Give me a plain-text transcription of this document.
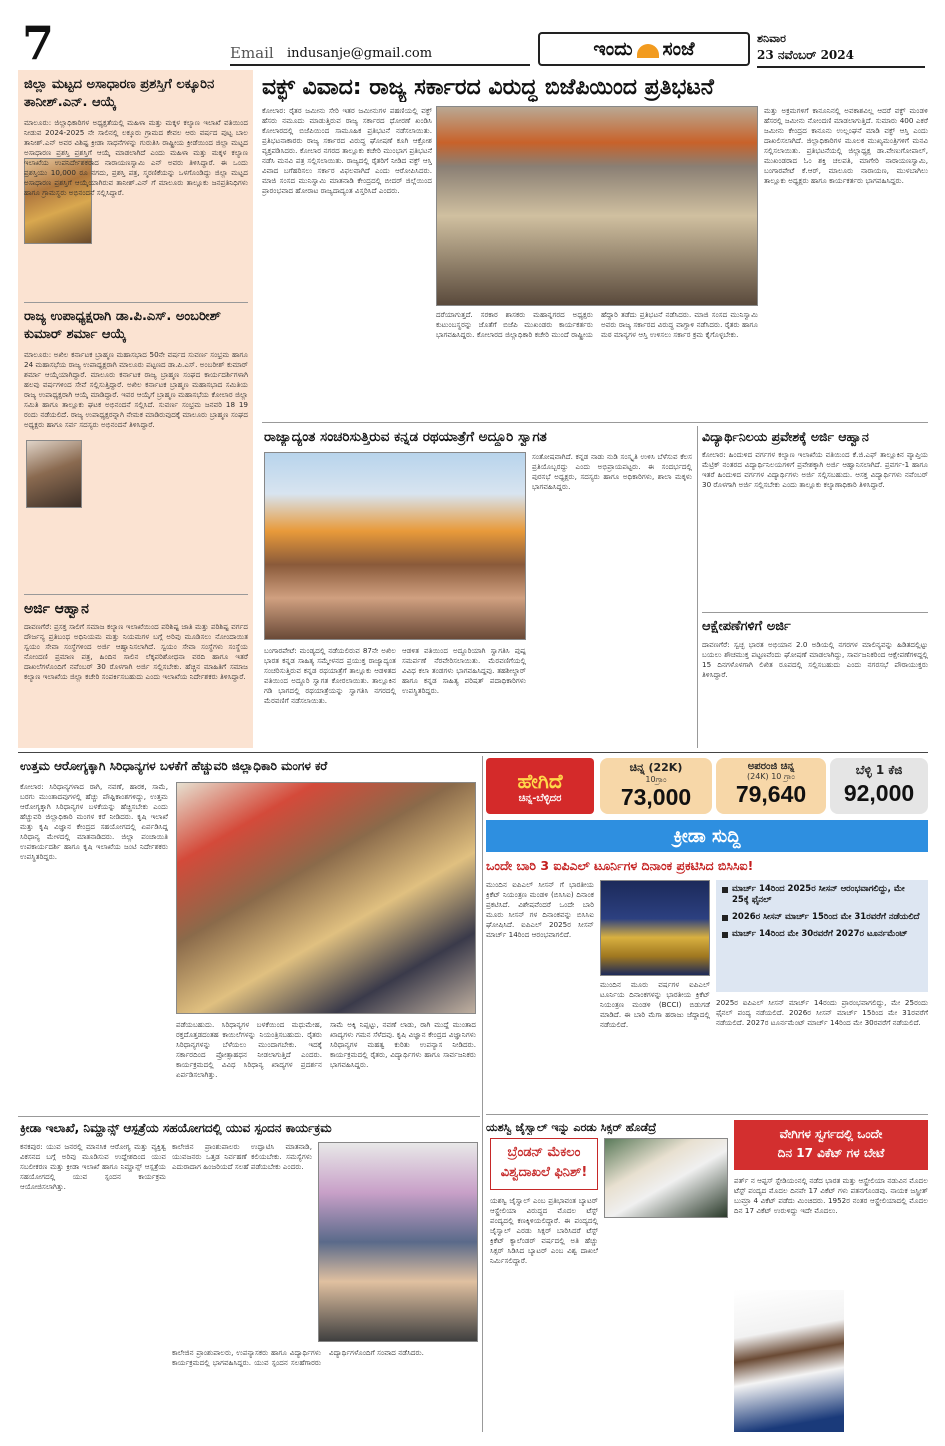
7	Email indusanje@gmail.com	ಇಂದು ಸಂಜೆ	ಶನಿವಾರ
23 ನವೆಂಬರ್ 2024
ಜಿಲ್ಲಾ ಮಟ್ಟದ ಅಸಾಧಾರಣ ಪ್ರಶಸ್ತಿಗೆ ಲಕ್ಕೂರಿನ ತಾನೀಶ್.ಎನ್. ಆಯ್ಕೆ
ಮಾಲೂರು: ಜಿಲ್ಲಾಧಿಕಾರಿಗಳ ಅಧ್ಯಕ್ಷತೆಯಲ್ಲಿ ಮಹಿಳಾ ಮತ್ತು ಮಕ್ಕಳ ಕಲ್ಯಾಣ ಇಲಾಖೆ ವತಿಯಿಂದ ನೀಡುವ 2024-2025 ನೇ ಸಾಲಿನಲ್ಲಿ ಲಕ್ಕೂರು ಗ್ರಾಮದ ಕೇವಲ ಆರು ವರ್ಷದ ಪುಟ್ಟ ಬಾಲ ತಾನೀಶ್.ಎನ್ ಅವರ ವಿಶಿಷ್ಟ ಕ್ರೀಡಾ ಸಾಧನೆಗಳನ್ನು ಗುರುತಿಸಿ ರಾಷ್ಟ್ರೀಯ ಕ್ರೀಡೆಯಿಂದ ಜಿಲ್ಲಾ ಮಟ್ಟದ ಅಸಾಧಾರಣ ಪ್ರಶಸ್ತಿ ಪ್ರಶಸ್ತಿಗೆ ಆಯ್ಕೆ ಮಾಡಲಾಗಿದೆ ಎಂದು ಮಹಿಳಾ ಮತ್ತು ಮಕ್ಕಳ ಕಲ್ಯಾಣ ಇಲಾಖೆಯ ಉಪನಿರ್ದೇಶಕರಾದ ನಾರಾಯಣಸ್ವಾಮಿ ಎನ್ ಅವರು ತಿಳಿಸಿದ್ದಾರೆ. ಈ ಒಂದು ಪ್ರಶಸ್ತಿಯು 10,000 ರೂ ನಗದು, ಪ್ರಶಸ್ತಿ ಪತ್ರ, ಸ್ಮರಣಿಕೆಯನ್ನು ಒಳಗೊಂಡಿದ್ದು ಜಿಲ್ಲಾ ಮಟ್ಟದ ಅಸಾಧಾರಣ ಪ್ರಶಸ್ತಿಗೆ ಆಯ್ಕೆಯಾಗಿರುವ ತಾನೀಶ್.ಎನ್ ಗೆ ಮಾಲೂರು ತಾಲ್ಲೂಕು ಜನಪ್ರತಿನಿಧಿಗಳು ಹಾಗೂ ಗ್ರಾಮಸ್ಥರು ಅಭಿನಂದನೆ ಸಲ್ಲಿಸಿದ್ದಾರೆ.
ರಾಜ್ಯ ಉಪಾಧ್ಯಕ್ಷರಾಗಿ ಡಾ.ಪಿ.ಎಸ್. ಅಂಬರೀಶ್ ಕುಮಾರ್ ಶರ್ಮಾ ಆಯ್ಕೆ
ಮಾಲೂರು: ಅಖಿಲ ಕರ್ನಾಟಕ ಬ್ರಾಹ್ಮಣ ಮಹಾಸಭಾದ 50ನೇ ವರ್ಷದ ಸುವರ್ಣ ಸಂಭ್ರಮ ಹಾಗೂ 24 ಮಹಾಸಭೆಯ ರಾಜ್ಯ ಉಪಾಧ್ಯಕ್ಷರಾಗಿ ಮಾಲೂರು ಪಟ್ಟಣದ ಡಾ.ಪಿ.ಎಸ್. ಅಂಬರೀಶ್ ಕುಮಾರ್ ಶರ್ಮಾ ಆಯ್ಕೆಯಾಗಿದ್ದಾರೆ. ಮಾಲೂರು ಕರ್ನಾಟಕ ರಾಜ್ಯ ಬ್ರಾಹ್ಮಣ ಸಂಘದ ಕಾರ್ಯದರ್ಶಿಗಳಾಗಿ ಹಲವು ವರ್ಷಗಳಿಂದ ಸೇವೆ ಸಲ್ಲಿಸುತ್ತಿದ್ದಾರೆ. ಅಖಿಲ ಕರ್ನಾಟಕ ಬ್ರಾಹ್ಮಣ ಮಹಾಸಭಾದ ಸಮಿತಿಯ ರಾಜ್ಯ ಉಪಾಧ್ಯಕ್ಷರಾಗಿ ಆಯ್ಕೆ ಮಾಡಿದ್ದಾರೆ. ಇವರ ಆಯ್ಕೆಗೆ ಬ್ರಾಹ್ಮಣ ಮಹಾಸಭೆಯ ಕೋಲಾರ ಜಿಲ್ಲಾ ಸಮಿತಿ ಹಾಗೂ ತಾಲ್ಲೂಕು ಘಟಕ ಅಭಿನಂದನೆ ಸಲ್ಲಿಸಿದೆ. ಸುವರ್ಣ ಸಂಭ್ರಮ ಜನವರಿ 18 19 ರಂದು ನಡೆಯಲಿದೆ. ರಾಜ್ಯ ಉಪಾಧ್ಯಕ್ಷರನ್ನಾಗಿ ನೇಮಕ ಮಾಡಿರುವುದಕ್ಕೆ ಮಾಲೂರು ಬ್ರಾಹ್ಮಣ ಸಂಘದ ಅಧ್ಯಕ್ಷರು ಹಾಗೂ ಸರ್ವ ಸದಸ್ಯರು ಅಭಿನಂದನೆ ತಿಳಿಸಿದ್ದಾರೆ.
ಅರ್ಜಿ ಆಹ್ವಾನ
ದಾವಣಗೆರೆ: ಪ್ರಸಕ್ತ ಸಾಲಿಗೆ ಸಮಾಜ ಕಲ್ಯಾಣ ಇಲಾಖೆಯಿಂದ ಪರಿಶಿಷ್ಟ ಜಾತಿ ಮತ್ತು ಪರಿಶಿಷ್ಟ ವರ್ಗದ ದೌರ್ಜನ್ಯ ಪ್ರತಿಬಂಧ ಅಧಿನಿಯಮ ಮತ್ತು ನಿಯಮಗಳ ಬಗ್ಗೆ ಅರಿವು ಮೂಡಿಸಲು ನೋಂದಾಯಿತ ಸ್ವಯಂ ಸೇವಾ ಸಂಸ್ಥೆಗಳಿಂದ ಅರ್ಜಿ ಆಹ್ವಾನಿಸಲಾಗಿದೆ. ಸ್ವಯಂ ಸೇವಾ ಸಂಸ್ಥೆಗಳು ಸಂಸ್ಥೆಯ ನೋಂದಣಿ ಪ್ರಮಾಣ ಪತ್ರ, ಹಿಂದಿನ ಸಾಲಿನ ಲೆಕ್ಕಪರಿಶೋಧನಾ ವರದಿ ಹಾಗೂ ಇತರೆ ದಾಖಲೆಗಳೊಂದಿಗೆ ನವೆಂಬರ್ 30 ರೊಳಗಾಗಿ ಅರ್ಜಿ ಸಲ್ಲಿಸಬೇಕು. ಹೆಚ್ಚಿನ ಮಾಹಿತಿಗೆ ಸಮಾಜ ಕಲ್ಯಾಣ ಇಲಾಖೆಯ ಜಿಲ್ಲಾ ಕಚೇರಿ ಸಂಪರ್ಕಿಸಬಹುದು ಎಂದು ಇಲಾಖೆಯ ನಿರ್ದೇಶಕರು ತಿಳಿಸಿದ್ದಾರೆ.
ವಕ್ಫ್ ವಿವಾದ: ರಾಜ್ಯ ಸರ್ಕಾರದ ವಿರುದ್ಧ ಬಿಜೆಪಿಯಿಂದ ಪ್ರತಿಭಟನೆ
ಕೋಲಾರ: ರೈತರ ಜಮೀನು ಸೇರಿ ಇತರ ಜಮೀನುಗಳ ಪಹಣಿಯಲ್ಲಿ ವಕ್ಫ್ ಹೆಸರು ನಮೂದು ಮಾಡುತ್ತಿರುವ ರಾಜ್ಯ ಸರ್ಕಾರದ ಧೋರಣೆ ಖಂಡಿಸಿ ಕೋಲಾರದಲ್ಲಿ ಬಿಜೆಪಿಯಿಂದ ಸಾಮೂಹಿಕ ಪ್ರತಿಭಟನೆ ನಡೆಸಲಾಯಿತು. ಪ್ರತಿಭಟನಾಕಾರರು ರಾಜ್ಯ ಸರ್ಕಾರದ ವಿರುದ್ಧ ಘೋಷಣೆ ಕೂಗಿ ಆಕ್ರೋಶ ವ್ಯಕ್ತಪಡಿಸಿದರು. ಕೋಲಾರ ನಗರದ ತಾಲ್ಲೂಕು ಕಚೇರಿ ಮುಂಭಾಗ ಪ್ರತಿಭಟನೆ ನಡೆಸಿ ಮನವಿ ಪತ್ರ ಸಲ್ಲಿಸಲಾಯಿತು. ರಾಜ್ಯದಲ್ಲಿ ರೈತರಿಗೆ ನೀಡಿದ ವಕ್ಫ್ ಆಸ್ತಿ ವಿವಾದ ಬಗೆಹರಿಸಲು ಸರ್ಕಾರ ವಿಫಲವಾಗಿದೆ ಎಂದು ಆರೋಪಿಸಿದರು. ಮಾಜಿ ಸಂಸದ ಮುನಿಸ್ವಾಮಿ ಮಾತನಾಡಿ ಕೇಂದ್ರದಲ್ಲಿ ಬೀದರ್ ಜಿಲ್ಲೆಯಿಂದ ಪ್ರಾರಂಭವಾದ ಹೋರಾಟ ರಾಜ್ಯದಾದ್ಯಂತ ವಿಸ್ತರಿಸಿದೆ ಎಂದರು.
ದರೆಯಾಗುತ್ತದೆ. ಸರಕಾರ ಶಾಸಕರು ಮಹಾನ್ನಗರದ ಅಧ್ಯಕ್ಷರು ಕುಟುಂಬಸ್ಥರನ್ನು ಜೊತೆಗೆ ಬಿಜೆಪಿ ಮುಖಂಡರು ಕಾರ್ಯಕರ್ತರು ಭಾಗವಹಿಸಿದ್ದರು. ಕೋಲಾರದ ಜಿಲ್ಲಾಧಿಕಾರಿ ಕಚೇರಿ ಮುಂದೆ ರಾಷ್ಟ್ರೀಯ ಹೆದ್ದಾರಿ ತಡೆದು ಪ್ರತಿಭಟನೆ ನಡೆಸಿದರು. ಮಾಜಿ ಸಂಸದ ಮುನಿಸ್ವಾಮಿ ಅವರು ರಾಜ್ಯ ಸರ್ಕಾರದ ವಿರುದ್ಧ ವಾಗ್ದಾಳಿ ನಡೆಸಿದರು. ರೈತರು ಹಾಗೂ ಮಠ ಮಾನ್ಯಗಳ ಆಸ್ತಿ ಉಳಿಸಲು ಸರ್ಕಾರ ಕ್ರಮ ಕೈಗೊಳ್ಳಬೇಕು.
ಮತ್ತು ಅಕ್ರಮಗಳಿಗೆ ಕಾನೂನಿನಲ್ಲಿ ಅವಕಾಶವಿಲ್ಲ ಆದರೆ ವಕ್ಫ್ ಮಂಡಳಿ ಹೆಸರಲ್ಲಿ ಜಮೀನು ನೋಂದಣಿ ಮಾಡಲಾಗುತ್ತಿದೆ. ಸುಮಾರು 400 ಎಕರೆ ಜಮೀನು ಕೇಂದ್ರದ ಕಾನೂನು ಉಲ್ಲಂಘನೆ ಮಾಡಿ ವಕ್ಫ್ ಆಸ್ತಿ ಎಂದು ದಾಖಲಿಸಲಾಗಿದೆ. ಜಿಲ್ಲಾಧಿಕಾರಿಗಳ ಮೂಲಕ ಮುಖ್ಯಮಂತ್ರಿಗಳಿಗೆ ಮನವಿ ಸಲ್ಲಿಸಲಾಯಿತು. ಪ್ರತಿಭಟನೆಯಲ್ಲಿ ಜಿಲ್ಲಾಧ್ಯಕ್ಷ ಡಾ.ವೇಣುಗೋಪಾಲ್, ಮುಖಂಡರಾದ ಓಂ ಶಕ್ತಿ ಚಲಪತಿ, ಮಾಗೇರಿ ನಾರಾಯಣಸ್ವಾಮಿ, ಬಂಗಾರಪೇಟೆ ಕೆ.ಆರ್, ಮಾಲೂರು ನಾರಾಯಣ, ಮುಳಬಾಗಿಲು ತಾಲ್ಲೂಕು ಅಧ್ಯಕ್ಷರು ಹಾಗೂ ಕಾರ್ಯಕರ್ತರು ಭಾಗವಹಿಸಿದ್ದರು.
ರಾಜ್ಯಾದ್ಯಂತ ಸಂಚರಿಸುತ್ತಿರುವ ಕನ್ನಡ ರಥಯಾತ್ರೆಗೆ ಅದ್ದೂರಿ ಸ್ವಾಗತ
ಬಂಗಾರಪೇಟೆ: ಮಂಡ್ಯದಲ್ಲಿ ನಡೆಯಲಿರುವ 87ನೇ ಅಖಿಲ ಭಾರತ ಕನ್ನಡ ಸಾಹಿತ್ಯ ಸಮ್ಮೇಳನದ ಪ್ರಯುಕ್ತ ರಾಜ್ಯಾದ್ಯಂತ ಸಂಚರಿಸುತ್ತಿರುವ ಕನ್ನಡ ರಥಯಾತ್ರೆಗೆ ತಾಲ್ಲೂಕು ಆಡಳಿತದ ವತಿಯಿಂದ ಅದ್ದೂರಿ ಸ್ವಾಗತ ಕೋರಲಾಯಿತು. ತಾಲ್ಲೂಕಿನ ಗಡಿ ಭಾಗದಲ್ಲಿ ರಥಯಾತ್ರೆಯನ್ನು ಸ್ವಾಗತಿಸಿ ನಗರದಲ್ಲಿ ಮೆರವಣಿಗೆ ನಡೆಸಲಾಯಿತು.
ಆಡಳಿತ ವತಿಯಿಂದ ಅದ್ದೂರಿಯಾಗಿ ಸ್ವಾಗತಿಸಿ ಪುಷ್ಪ ಸಮರ್ಪಣೆ ನೆರವೇರಿಸಲಾಯಿತು. ಮೆರವಣಿಗೆಯಲ್ಲಿ ವಿವಿಧ ಕಲಾ ತಂಡಗಳು ಭಾಗವಹಿಸಿದ್ದವು. ತಹಶೀಲ್ದಾರ್ ಹಾಗೂ ಕನ್ನಡ ಸಾಹಿತ್ಯ ಪರಿಷತ್ ಪದಾಧಿಕಾರಿಗಳು ಉಪಸ್ಥಿತರಿದ್ದರು.
ಸಂತೋಷವಾಗಿದೆ. ಕನ್ನಡ ನಾಡು ನುಡಿ ಸಂಸ್ಕೃತಿ ಉಳಿಸಿ ಬೆಳೆಸುವ ಕೆಲಸ ಪ್ರತಿಯೊಬ್ಬರದ್ದು ಎಂದು ಅಭಿಪ್ರಾಯಪಟ್ಟರು. ಈ ಸಂದರ್ಭದಲ್ಲಿ ಪುರಸಭೆ ಅಧ್ಯಕ್ಷರು, ಸದಸ್ಯರು ಹಾಗೂ ಅಧಿಕಾರಿಗಳು, ಶಾಲಾ ಮಕ್ಕಳು ಭಾಗವಹಿಸಿದ್ದರು.
ವಿದ್ಯಾರ್ಥಿನಿಲಯ ಪ್ರವೇಶಕ್ಕೆ ಅರ್ಜಿ ಆಹ್ವಾನ
ಕೋಲಾರ: ಹಿಂದುಳಿದ ವರ್ಗಗಳ ಕಲ್ಯಾಣ ಇಲಾಖೆಯ ವತಿಯಿಂದ ಕೆ.ಜಿ.ಎಫ್ ತಾಲ್ಲೂಕಿನ ವ್ಯಾಪ್ತಿಯ ಮೆಟ್ರಿಕ್ ನಂತರದ ವಿದ್ಯಾರ್ಥಿನಿಲಯಗಳಿಗೆ ಪ್ರವೇಶಕ್ಕಾಗಿ ಅರ್ಜಿ ಆಹ್ವಾನಿಸಲಾಗಿದೆ. ಪ್ರವರ್ಗ-1 ಹಾಗೂ ಇತರೆ ಹಿಂದುಳಿದ ವರ್ಗಗಳ ವಿದ್ಯಾರ್ಥಿಗಳು ಅರ್ಜಿ ಸಲ್ಲಿಸಬಹುದು. ಆಸಕ್ತ ವಿದ್ಯಾರ್ಥಿಗಳು ನವೆಂಬರ್ 30 ರೊಳಗಾಗಿ ಅರ್ಜಿ ಸಲ್ಲಿಸಬೇಕು ಎಂದು ತಾಲ್ಲೂಕು ಕಲ್ಯಾಣಾಧಿಕಾರಿ ತಿಳಿಸಿದ್ದಾರೆ.
ಆಕ್ಷೇಪಣೆಗಳಿಗೆ ಅರ್ಜಿ
ದಾವಣಗೆರೆ: ಸ್ವಚ್ಛ ಭಾರತ ಅಭಿಯಾನ 2.0 ಅಡಿಯಲ್ಲಿ ನಗರಗಳ ಮಾಲಿನ್ಯವನ್ನು ಹಿಡಿತದಲ್ಲಿಟ್ಟು ಬಯಲು ಶೌಚಮುಕ್ತ ಪಟ್ಟಣವೆಂದು ಘೋಷಣೆ ಮಾಡಲಾಗಿದ್ದು, ಸಾರ್ವಜನಿಕರಿಂದ ಆಕ್ಷೇಪಣೆಗಳಿದ್ದಲ್ಲಿ 15 ದಿನಗಳೊಳಗಾಗಿ ಲಿಖಿತ ರೂಪದಲ್ಲಿ ಸಲ್ಲಿಸಬಹುದು ಎಂದು ನಗರಸಭೆ ಪೌರಾಯುಕ್ತರು ತಿಳಿಸಿದ್ದಾರೆ.
ಉತ್ತಮ ಆರೋಗ್ಯಕ್ಕಾಗಿ ಸಿರಿಧಾನ್ಯಗಳ ಬಳಕೆಗೆ ಹೆಚ್ಚುವರಿ ಜಿಲ್ಲಾಧಿಕಾರಿ ಮಂಗಳ ಕರೆ
ಕೋಲಾರ: ಸಿರಿಧಾನ್ಯಗಳಾದ ರಾಗಿ, ನವಣೆ, ಹಾರಕ, ಸಾಮೆ, ಬರಗು ಮುಂತಾದವುಗಳಲ್ಲಿ ಹೆಚ್ಚು ಪೌಷ್ಟಿಕಾಂಶಗಳಿದ್ದು, ಉತ್ತಮ ಆರೋಗ್ಯಕ್ಕಾಗಿ ಸಿರಿಧಾನ್ಯಗಳ ಬಳಕೆಯನ್ನು ಹೆಚ್ಚಿಸಬೇಕು ಎಂದು ಹೆಚ್ಚುವರಿ ಜಿಲ್ಲಾಧಿಕಾರಿ ಮಂಗಳ ಕರೆ ನೀಡಿದರು. ಕೃಷಿ ಇಲಾಖೆ ಮತ್ತು ಕೃಷಿ ವಿಜ್ಞಾನ ಕೇಂದ್ರದ ಸಹಯೋಗದಲ್ಲಿ ಏರ್ಪಡಿಸಿದ್ದ ಸಿರಿಧಾನ್ಯ ಮೇಳದಲ್ಲಿ ಮಾತನಾಡಿದರು. ಜಿಲ್ಲಾ ಪಂಚಾಯಿತಿ ಉಪಕಾರ್ಯದರ್ಶಿ ಹಾಗೂ ಕೃಷಿ ಇಲಾಖೆಯ ಜಂಟಿ ನಿರ್ದೇಶಕರು ಉಪಸ್ಥಿತರಿದ್ದರು.
ಪಡೆಯಬಹುದು. ಸಿರಿಧಾನ್ಯಗಳ ಬಳಕೆಯಿಂದ ಮಧುಮೇಹ, ರಕ್ತದೊತ್ತಡದಂತಹ ಕಾಯಿಲೆಗಳನ್ನು ನಿಯಂತ್ರಿಸಬಹುದು. ರೈತರು ಸಿರಿಧಾನ್ಯಗಳನ್ನು ಬೆಳೆಯಲು ಮುಂದಾಗಬೇಕು. ಇದಕ್ಕೆ ಸರ್ಕಾರದಿಂದ ಪ್ರೋತ್ಸಾಹಧನ ನೀಡಲಾಗುತ್ತಿದೆ ಎಂದರು. ಕಾರ್ಯಕ್ರಮದಲ್ಲಿ ವಿವಿಧ ಸಿರಿಧಾನ್ಯ ಖಾದ್ಯಗಳ ಪ್ರದರ್ಶನ ಏರ್ಪಡಿಸಲಾಗಿತ್ತು.
ಸಾಮೆ ಅಕ್ಕಿ ನಿಪ್ಪಟ್ಟು, ನವಣೆ ಲಾಡು, ರಾಗಿ ಮುದ್ದೆ ಮುಂತಾದ ಖಾದ್ಯಗಳು ಗಮನ ಸೆಳೆದವು. ಕೃಷಿ ವಿಜ್ಞಾನ ಕೇಂದ್ರದ ವಿಜ್ಞಾನಿಗಳು ಸಿರಿಧಾನ್ಯಗಳ ಮಹತ್ವ ಕುರಿತು ಉಪನ್ಯಾಸ ನೀಡಿದರು. ಕಾರ್ಯಕ್ರಮದಲ್ಲಿ ರೈತರು, ವಿದ್ಯಾರ್ಥಿಗಳು ಹಾಗೂ ಸಾರ್ವಜನಿಕರು ಭಾಗವಹಿಸಿದ್ದರು.
ಕ್ರೀಡಾ ಇಲಾಖೆ, ನಿಮ್ಹಾನ್ಸ್ ಆಸ್ಪತ್ರೆಯ ಸಹಯೋಗದಲ್ಲಿ ಯುವ ಸ್ಪಂದನ ಕಾರ್ಯಕ್ರಮ
ಕನಕಪುರ: ಯುವ ಜನರಲ್ಲಿ ಮಾನಸಿಕ ಆರೋಗ್ಯ ಮತ್ತು ವ್ಯಕ್ತಿತ್ವ ವಿಕಸನದ ಬಗ್ಗೆ ಅರಿವು ಮೂಡಿಸುವ ಉದ್ದೇಶದಿಂದ ಯುವ ಸಬಲೀಕರಣ ಮತ್ತು ಕ್ರೀಡಾ ಇಲಾಖೆ ಹಾಗೂ ನಿಮ್ಹಾನ್ಸ್ ಆಸ್ಪತ್ರೆಯ ಸಹಯೋಗದಲ್ಲಿ ಯುವ ಸ್ಪಂದನ ಕಾರ್ಯಕ್ರಮ ಆಯೋಜಿಸಲಾಗಿತ್ತು.
ಕಾಲೇಜಿನ ಪ್ರಾಂಶುಪಾಲರು ಉದ್ಘಾಟಿಸಿ ಮಾತನಾಡಿ, ಯುವಜನರು ಒತ್ತಡ ನಿರ್ವಹಣೆ ಕಲಿಯಬೇಕು. ಸಮಸ್ಯೆಗಳು ಎದುರಾದಾಗ ಹಿಂಜರಿಯದೆ ಸಲಹೆ ಪಡೆಯಬೇಕು ಎಂದರು.
ಕಾಲೇಜಿನ ಪ್ರಾಂಶುಪಾಲರು, ಉಪನ್ಯಾಸಕರು ಹಾಗೂ ವಿದ್ಯಾರ್ಥಿಗಳು ಕಾರ್ಯಕ್ರಮದಲ್ಲಿ ಭಾಗವಹಿಸಿದ್ದರು. ಯುವ ಸ್ಪಂದನ ಸಲಹೆಗಾರರು ವಿದ್ಯಾರ್ಥಿಗಳೊಂದಿಗೆ ಸಂವಾದ ನಡೆಸಿದರು.
ಹೇಗಿದೆ
ಚಿನ್ನ-ಬೆಳ್ಳಿದರ
ಚಿನ್ನ (22K)
10ಗ್ರಾಂ
73,000
ಅಪರಂಜಿ ಚಿನ್ನ
(24K) 10 ಗ್ರಾಂ
79,640
ಬೆಳ್ಳಿ 1 ಕೆಜಿ
92,000
ಕ್ರೀಡಾ ಸುದ್ದಿ
ಒಂದೇ ಬಾರಿ 3 ಐಪಿಎಲ್ ಟೂರ್ನಿಗಳ ದಿನಾಂಕ ಪ್ರಕಟಿಸಿದ ಬಿಸಿಸಿಐ!
ಮುಂದಿನ ಐಪಿಎಲ್ ಸೀಸನ್ ಗೆ ಭಾರತೀಯ ಕ್ರಿಕೆಟ್ ನಿಯಂತ್ರಣ ಮಂಡಳಿ (ಬಿಸಿಸಿಐ) ದಿನಾಂಕ ಪ್ರಕಟಿಸಿದೆ. ವಿಶೇಷವೆಂದರೆ ಒಂದೇ ಬಾರಿ ಮೂರು ಸೀಸನ್ ಗಳ ದಿನಾಂಕವನ್ನು ಬಿಸಿಸಿಐ ಘೋಷಿಸಿದೆ. ಐಪಿಎಲ್ 2025ರ ಸೀಸನ್ ಮಾರ್ಚ್ 14ರಿಂದ ಆರಂಭವಾಗಲಿದೆ.
ಮುಂದಿನ ಮೂರು ವರ್ಷಗಳ ಐಪಿಎಲ್ ಟೂರ್ನಿಯ ದಿನಾಂಕಗಳನ್ನು ಭಾರತೀಯ ಕ್ರಿಕೆಟ್ ನಿಯಂತ್ರಣ ಮಂಡಳಿ (BCCI) ಬಿಡುಗಡೆ ಮಾಡಿದೆ. ಈ ಬಾರಿ ಮೆಗಾ ಹರಾಜು ಜೆದ್ದಾದಲ್ಲಿ ನಡೆಯಲಿದೆ.
ಮಾರ್ಚ್ 14ರಿಂದ 2025ರ ಸೀಸನ್ ಆರಂಭವಾಗಲಿದ್ದು, ಮೇ 25ಕ್ಕೆ ಫೈನಲ್
2026ರ ಸೀಸನ್ ಮಾರ್ಚ್ 15ರಿಂದ ಮೇ 31ರವರೆಗೆ ನಡೆಯಲಿದೆ
ಮಾರ್ಚ್ 14ರಿಂದ ಮೇ 30ರವರೆಗೆ 2027ರ ಟೂರ್ನಮೆಂಟ್
2025ರ ಐಪಿಎಲ್ ಸೀಸನ್ ಮಾರ್ಚ್ 14ರಂದು ಪ್ರಾರಂಭವಾಗಲಿದ್ದು, ಮೇ 25ರಂದು ಫೈನಲ್ ಪಂದ್ಯ ನಡೆಯಲಿದೆ. 2026ರ ಸೀಸನ್ ಮಾರ್ಚ್ 15ರಿಂದ ಮೇ 31ರವರೆಗೆ ನಡೆಯಲಿದೆ. 2027ರ ಟೂರ್ನಮೆಂಟ್ ಮಾರ್ಚ್ 14ರಿಂದ ಮೇ 30ರವರೆಗೆ ನಡೆಯಲಿದೆ.
ಯಶಸ್ವಿ ಜೈಸ್ವಾಲ್ ಇನ್ನು ಎರಡು ಸಿಕ್ಸರ್ ಹೊಡೆದ್ರೆ
ಬ್ರೆಂಡನ್ ಮೆಕಲಂ
ವಿಶ್ವದಾಖಲೆ ಫಿನಿಶ್!
ಯಶಸ್ವಿ ಜೈಸ್ವಾಲ್ ಎಂಬ ಪ್ರತಿಭಾವಂತ ಬ್ಯಾಟರ್ ಆಸ್ಟ್ರೇಲಿಯಾ ವಿರುದ್ಧದ ಮೊದಲ ಟೆಸ್ಟ್ ಪಂದ್ಯದಲ್ಲಿ ಕಣಕ್ಕಿಳಿಯಲಿದ್ದಾರೆ. ಈ ಪಂದ್ಯದಲ್ಲಿ ಜೈಸ್ವಾಲ್ ಎರಡು ಸಿಕ್ಸರ್ ಬಾರಿಸಿದರೆ ಟೆಸ್ಟ್ ಕ್ರಿಕೆಟ್ ಕ್ಯಾಲೆಂಡರ್ ವರ್ಷದಲ್ಲಿ ಅತಿ ಹೆಚ್ಚು ಸಿಕ್ಸರ್ ಸಿಡಿಸಿದ ಬ್ಯಾಟರ್ ಎಂಬ ವಿಶ್ವ ದಾಖಲೆ ನಿರ್ಮಿಸಲಿದ್ದಾರೆ.
ವೇಗಿಗಳ ಸ್ವರ್ಗದಲ್ಲಿ ಒಂದೇ
ದಿನ 17 ವಿಕೆಟ್ ಗಳ ಬೇಟೆ
ಪರ್ತ್ ನ ಆಪ್ಟಸ್ ಸ್ಟೇಡಿಯಂನಲ್ಲಿ ನಡೆದ ಭಾರತ ಮತ್ತು ಆಸ್ಟ್ರೇಲಿಯಾ ನಡುವಿನ ಮೊದಲ ಟೆಸ್ಟ್ ಪಂದ್ಯದ ಮೊದಲ ದಿನವೇ 17 ವಿಕೆಟ್ ಗಳು ಪತನಗೊಂಡವು. ನಾಯಕ ಜಸ್ಪ್ರೀತ್ ಬುಮ್ರಾ 4 ವಿಕೆಟ್ ಪಡೆದು ಮಿಂಚಿದರು. 1952ರ ನಂತರ ಆಸ್ಟ್ರೇಲಿಯಾದಲ್ಲಿ ಮೊದಲ ದಿನ 17 ವಿಕೆಟ್ ಉರುಳಿದ್ದು ಇದೇ ಮೊದಲು.
